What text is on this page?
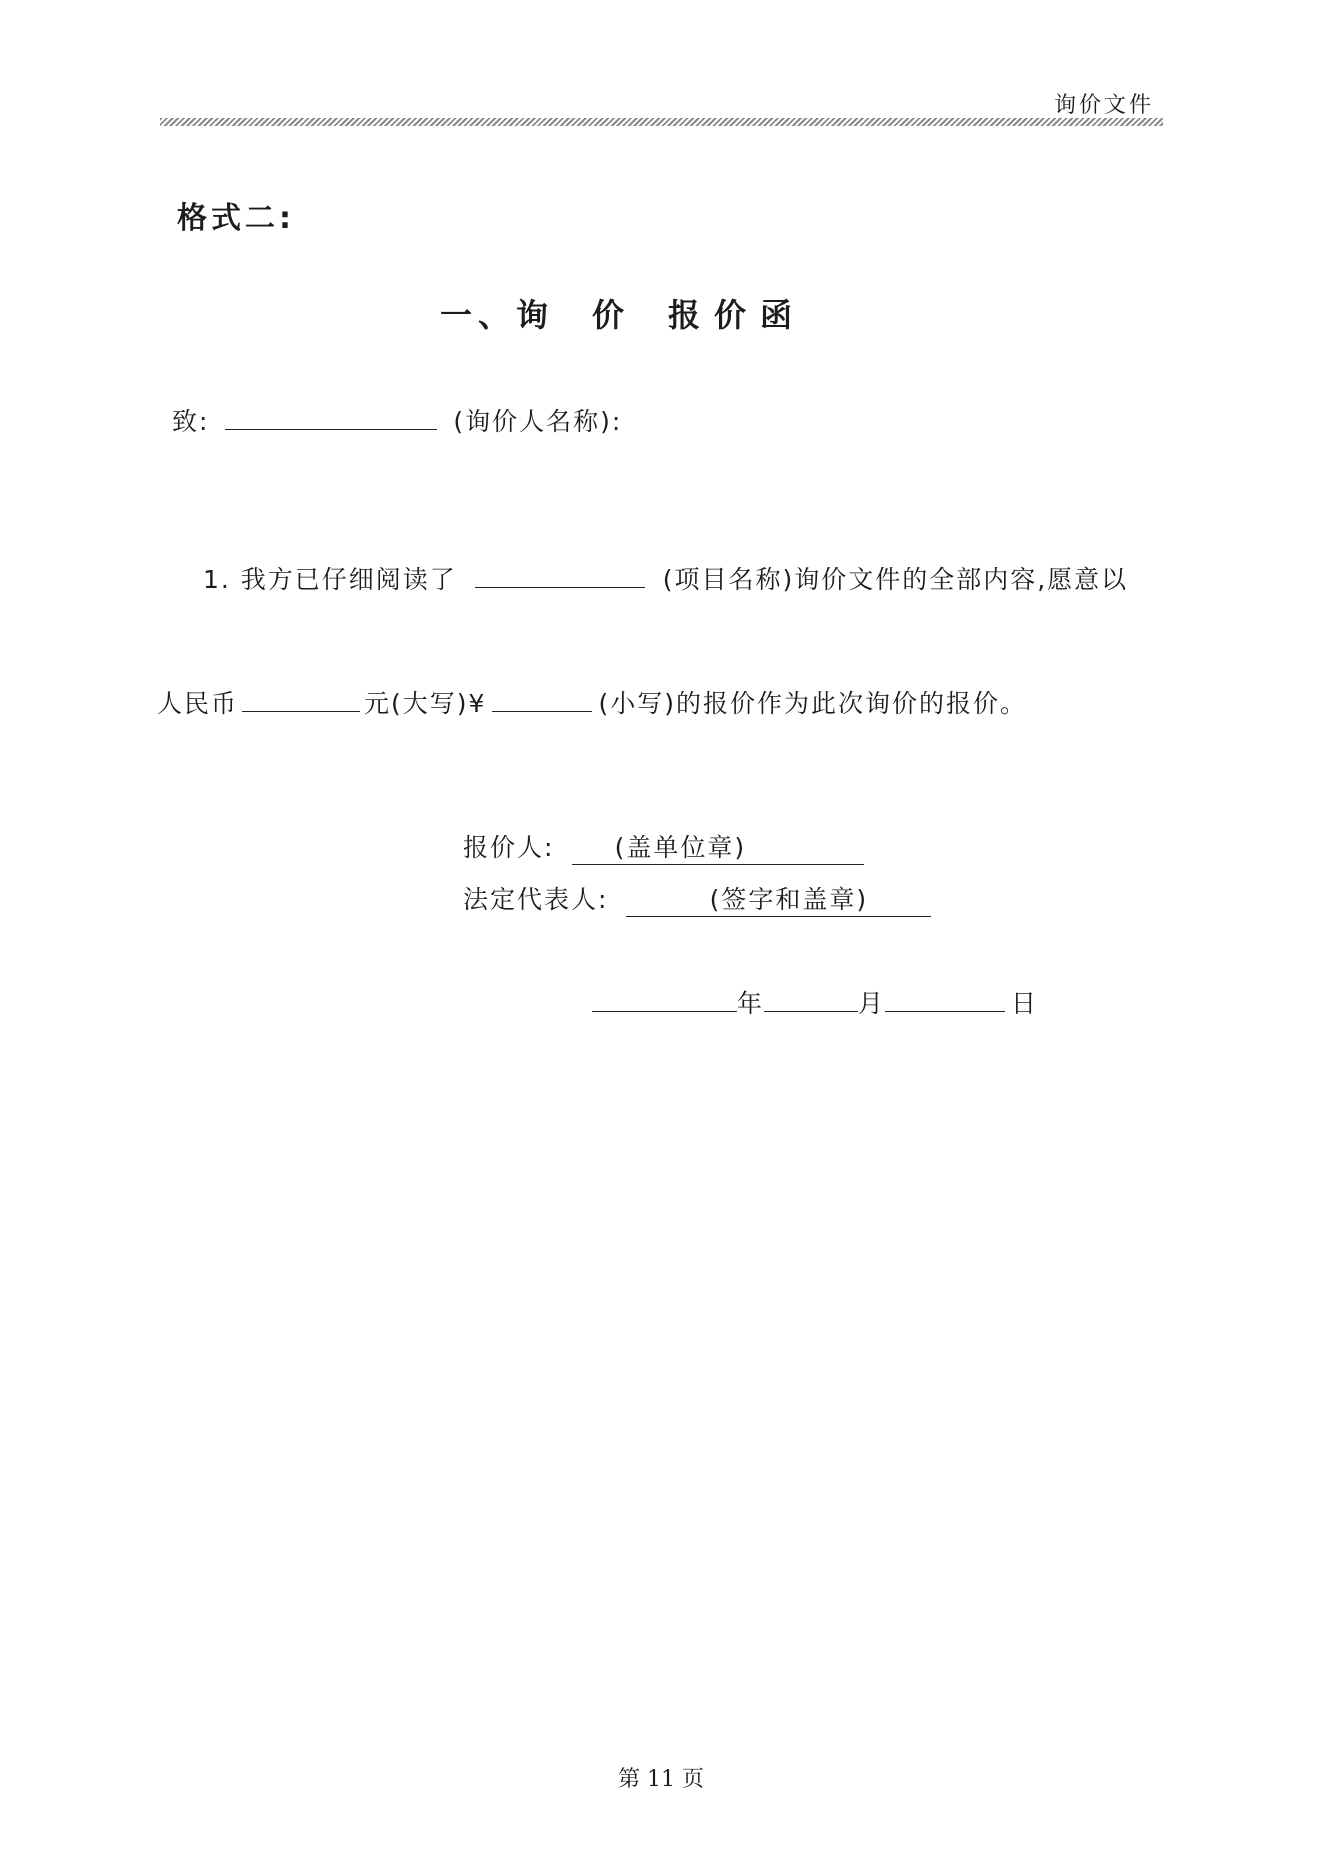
询价文件
格式二:
一、询 价 报价函
致:	(询价人名称):
1. 我方已仔细阅读了	(项目名称)询价文件的全部内容,愿意以
人民币	元(大写)¥	(小写)的报价作为此次询价的报价。
报价人: (盖单位章)
法定代表人:	(签字和盖章)
年	月	日
第 11 页
